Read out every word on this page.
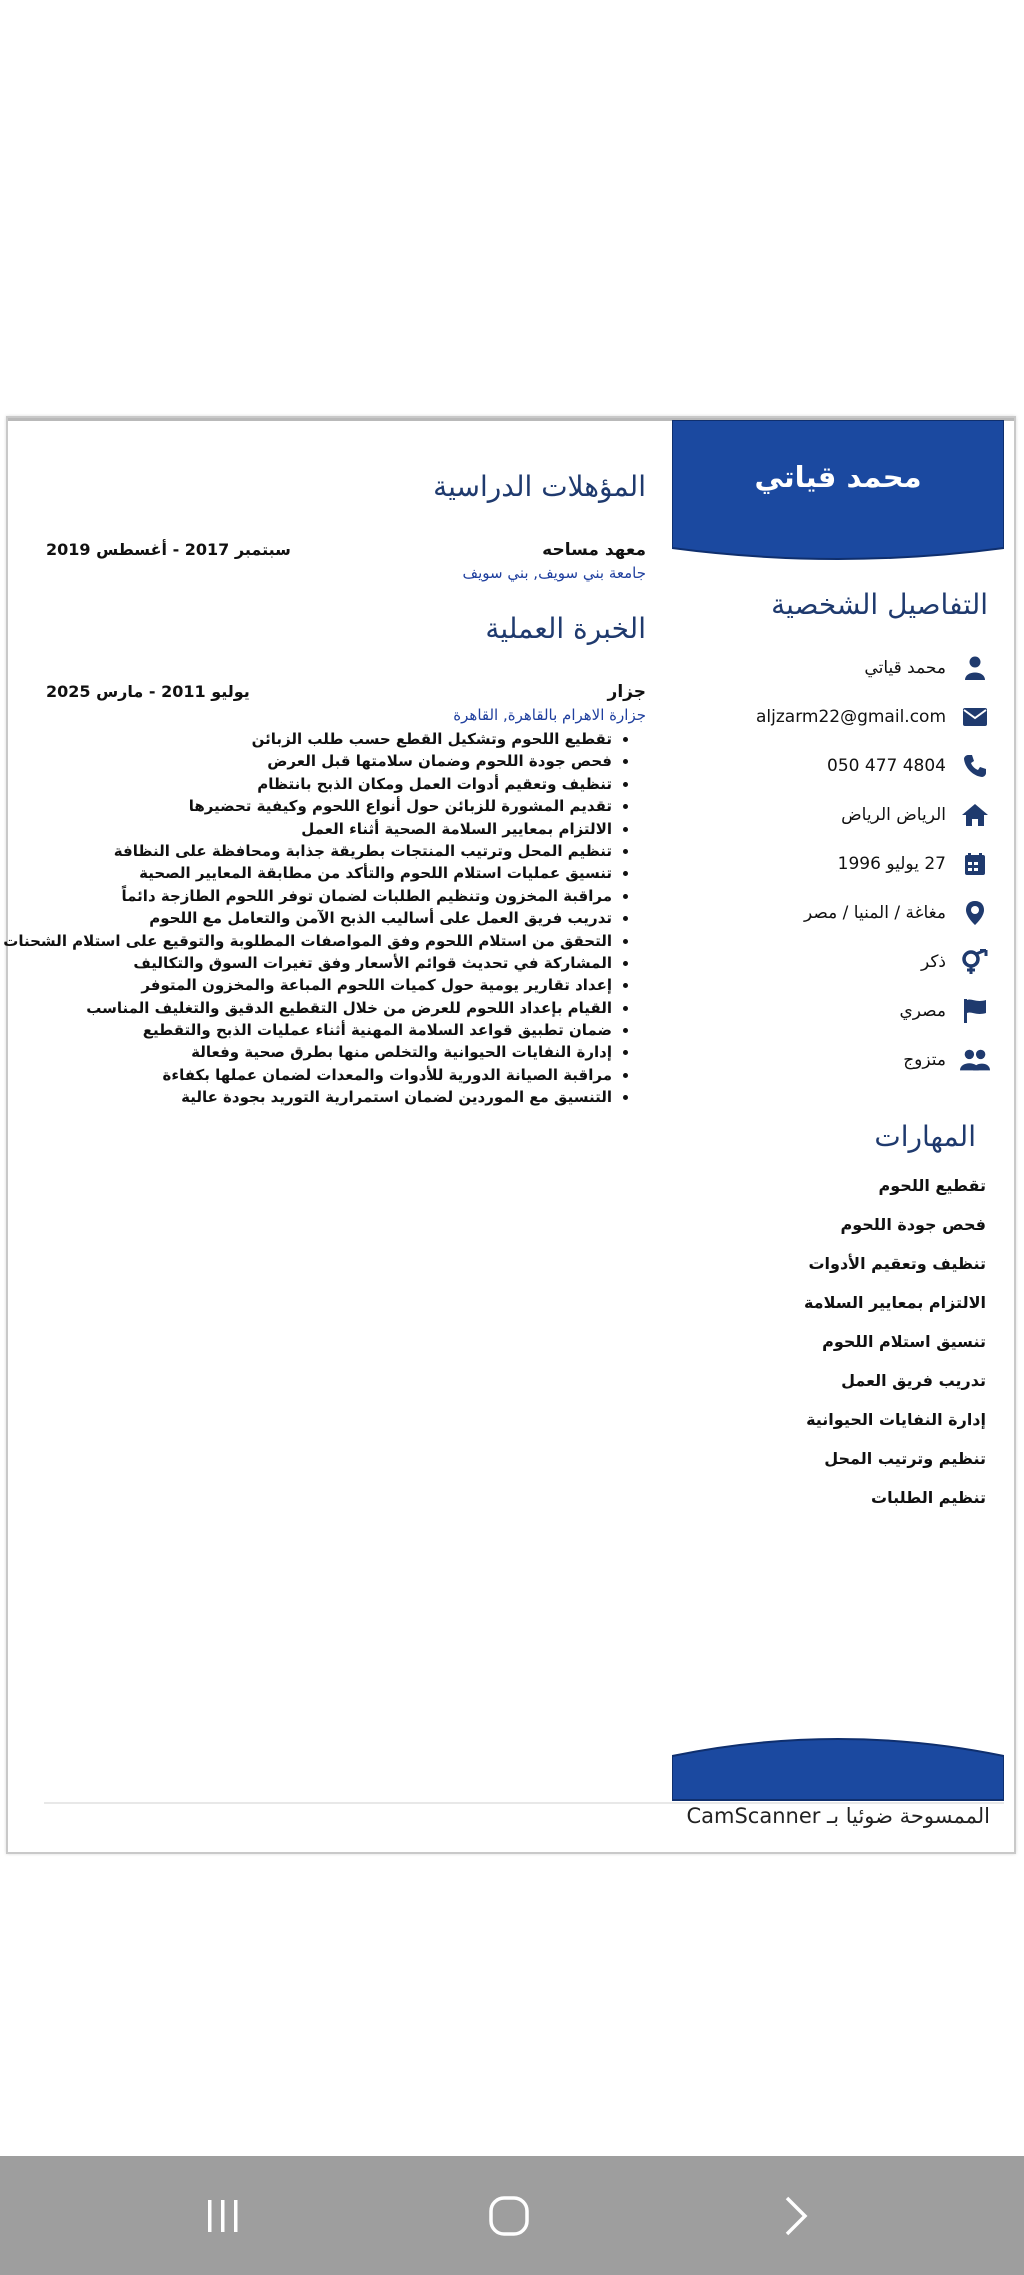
محمد قياتي
التفاصيل الشخصية
محمد قياتي
aljzarm22@gmail.com
4804 477 050
الرياض الرياض
27 يوليو 1996
مغاغة / المنيا / مصر
ذكر
مصري
متزوج
المهارات
تقطيع اللحوم
فحص جودة اللحوم
تنظيف وتعقيم الأدوات
الالتزام بمعايير السلامة
تنسيق استلام اللحوم
تدريب فريق العمل
إدارة النفايات الحيوانية
تنظيم وترتيب المحل
تنظيم الطلبات
المؤهلات الدراسية
معهد مساحه
جامعة بني سويف, بني سويف
سبتمبر 2017 - أغسطس 2019
الخبرة العملية
جزار
جزارة الاهرام بالقاهرة, القاهرة
يوليو 2011 - مارس 2025
• تقطيع اللحوم وتشكيل القطع حسب طلب الزبائن
• فحص جودة اللحوم وضمان سلامتها قبل العرض
• تنظيف وتعقيم أدوات العمل ومكان الذبح بانتظام
• تقديم المشورة للزبائن حول أنواع اللحوم وكيفية تحضيرها
• الالتزام بمعايير السلامة الصحية أثناء العمل
• تنظيم المحل وترتيب المنتجات بطريقة جذابة ومحافظة على النظافة
• تنسيق عمليات استلام اللحوم والتأكد من مطابقة المعايير الصحية
• مراقبة المخزون وتنظيم الطلبات لضمان توفر اللحوم الطازجة دائماً
• تدريب فريق العمل على أساليب الذبح الآمن والتعامل مع اللحوم
• التحقق من استلام اللحوم وفق المواصفات المطلوبة والتوقيع على استلام الشحنات
• المشاركة في تحديث قوائم الأسعار وفق تغيرات السوق والتكاليف
• إعداد تقارير يومية حول كميات اللحوم المباعة والمخزون المتوفر
• القيام بإعداد اللحوم للعرض من خلال التقطيع الدقيق والتغليف المناسب
• ضمان تطبيق قواعد السلامة المهنية أثناء عمليات الذبح والتقطيع
• إدارة النفايات الحيوانية والتخلص منها بطرق صحية وفعالة
• مراقبة الصيانة الدورية للأدوات والمعدات لضمان عملها بكفاءة
• التنسيق مع الموردين لضمان استمرارية التوريد بجودة عالية
الممسوحة ضوئيا بـ CamScanner
